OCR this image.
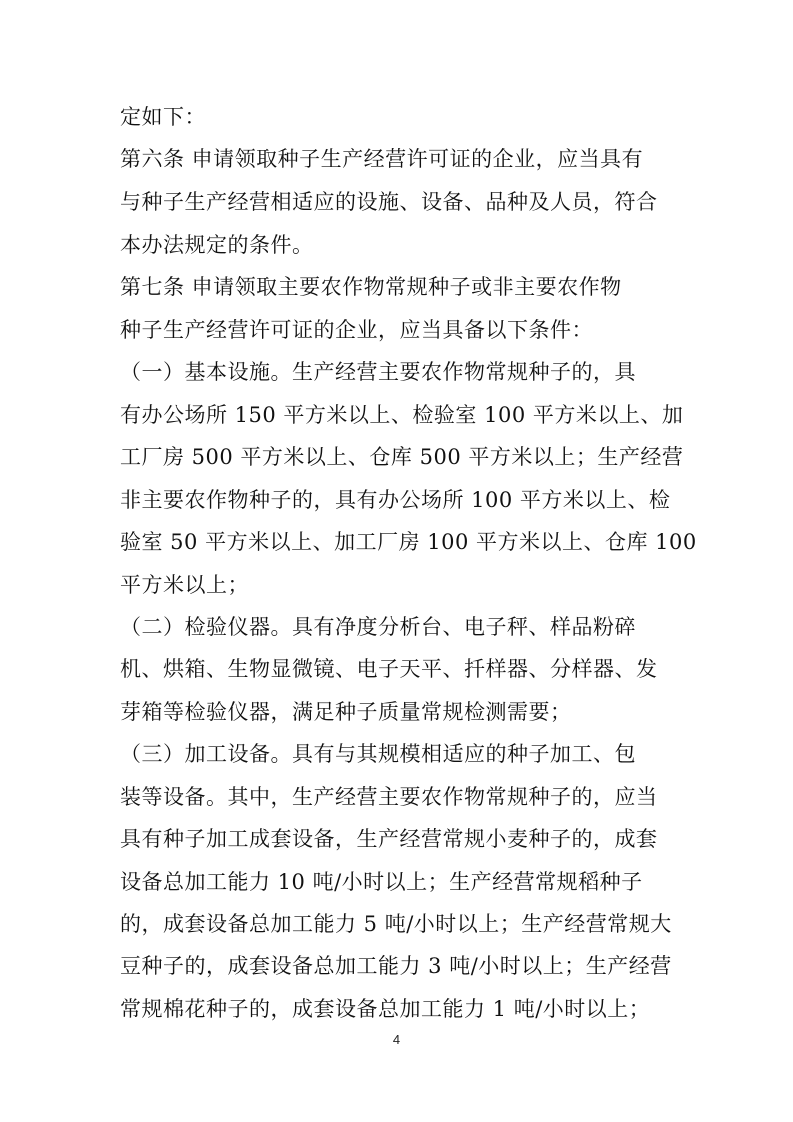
定如下：
第六条 申请领取种子生产经营许可证的企业，应当具有
与种子生产经营相适应的设施、设备、品种及人员，符合
本办法规定的条件。
第七条 申请领取主要农作物常规种子或非主要农作物
种子生产经营许可证的企业，应当具备以下条件：
（一）基本设施。生产经营主要农作物常规种子的，具
有办公场所 150 平方米以上、检验室 100 平方米以上、加
工厂房 500 平方米以上、仓库 500 平方米以上；生产经营
非主要农作物种子的，具有办公场所 100 平方米以上、检
验室 50 平方米以上、加工厂房 100 平方米以上、仓库 100
平方米以上；
（二）检验仪器。具有净度分析台、电子秤、样品粉碎
机、烘箱、生物显微镜、电子天平、扦样器、分样器、发
芽箱等检验仪器，满足种子质量常规检测需要；
（三）加工设备。具有与其规模相适应的种子加工、包
装等设备。其中，生产经营主要农作物常规种子的，应当
具有种子加工成套设备，生产经营常规小麦种子的，成套
设备总加工能力 10 吨/小时以上；生产经营常规稻种子
的，成套设备总加工能力 5 吨/小时以上；生产经营常规大
豆种子的，成套设备总加工能力 3 吨/小时以上；生产经营
常规棉花种子的，成套设备总加工能力 1 吨/小时以上；
4
